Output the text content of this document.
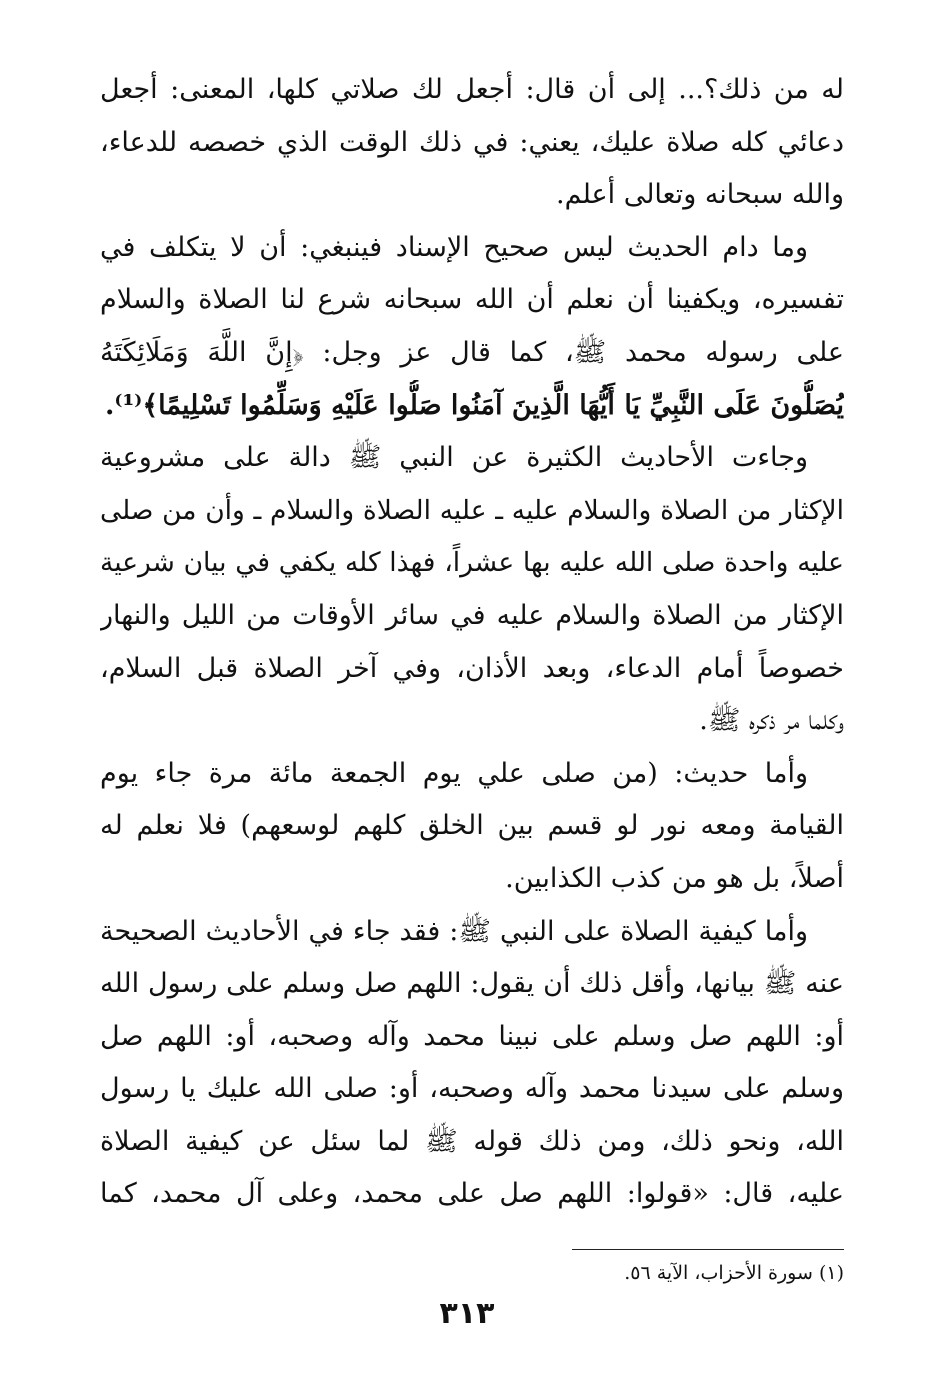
له من ذلك؟... إلى أن قال: أجعل لك صلاتي كلها، المعنى: أجعل
دعائي كله صلاة عليك، يعني: في ذلك الوقت الذي خصصه للدعاء،
والله سبحانه وتعالى أعلم.
وما دام الحديث ليس صحيح الإسناد فينبغي: أن لا يتكلف في
تفسيره، ويكفينا أن نعلم أن الله سبحانه شرع لنا الصلاة والسلام
على رسوله محمد ﷺ، كما قال عز وجل: ﴿إِنَّ اللَّهَ وَمَلَائِكَتَهُ
يُصَلُّونَ عَلَى النَّبِيِّ يَا أَيُّهَا الَّذِينَ آمَنُوا صَلُّوا عَلَيْهِ وَسَلِّمُوا تَسْلِيمًا﴾⁽¹⁾.
وجاءت الأحاديث الكثيرة عن النبي ﷺ دالة على مشروعية
الإكثار من الصلاة والسلام عليه ـ عليه الصلاة والسلام ـ وأن من صلى
عليه واحدة صلى الله عليه بها عشراً، فهذا كله يكفي في بيان شرعية
الإكثار من الصلاة والسلام عليه في سائر الأوقات من الليل والنهار
خصوصاً أمام الدعاء، وبعد الأذان، وفي آخر الصلاة قبل السلام،
وكلما مر ذكره ﷺ.
وأما حديث: (من صلى علي يوم الجمعة مائة مرة جاء يوم
القيامة ومعه نور لو قسم بين الخلق كلهم لوسعهم) فلا نعلم له
أصلاً، بل هو من كذب الكذابين.
وأما كيفية الصلاة على النبي ﷺ: فقد جاء في الأحاديث الصحيحة
عنه ﷺ بيانها، وأقل ذلك أن يقول: اللهم صل وسلم على رسول الله
أو: اللهم صل وسلم على نبينا محمد وآله وصحبه، أو: اللهم صل
وسلم على سيدنا محمد وآله وصحبه، أو: صلى الله عليك يا رسول
الله، ونحو ذلك، ومن ذلك قوله ﷺ لما سئل عن كيفية الصلاة
عليه، قال: «قولوا: اللهم صل على محمد، وعلى آل محمد، كما
(١) سورة الأحزاب، الآية ٥٦.
٣١٣
